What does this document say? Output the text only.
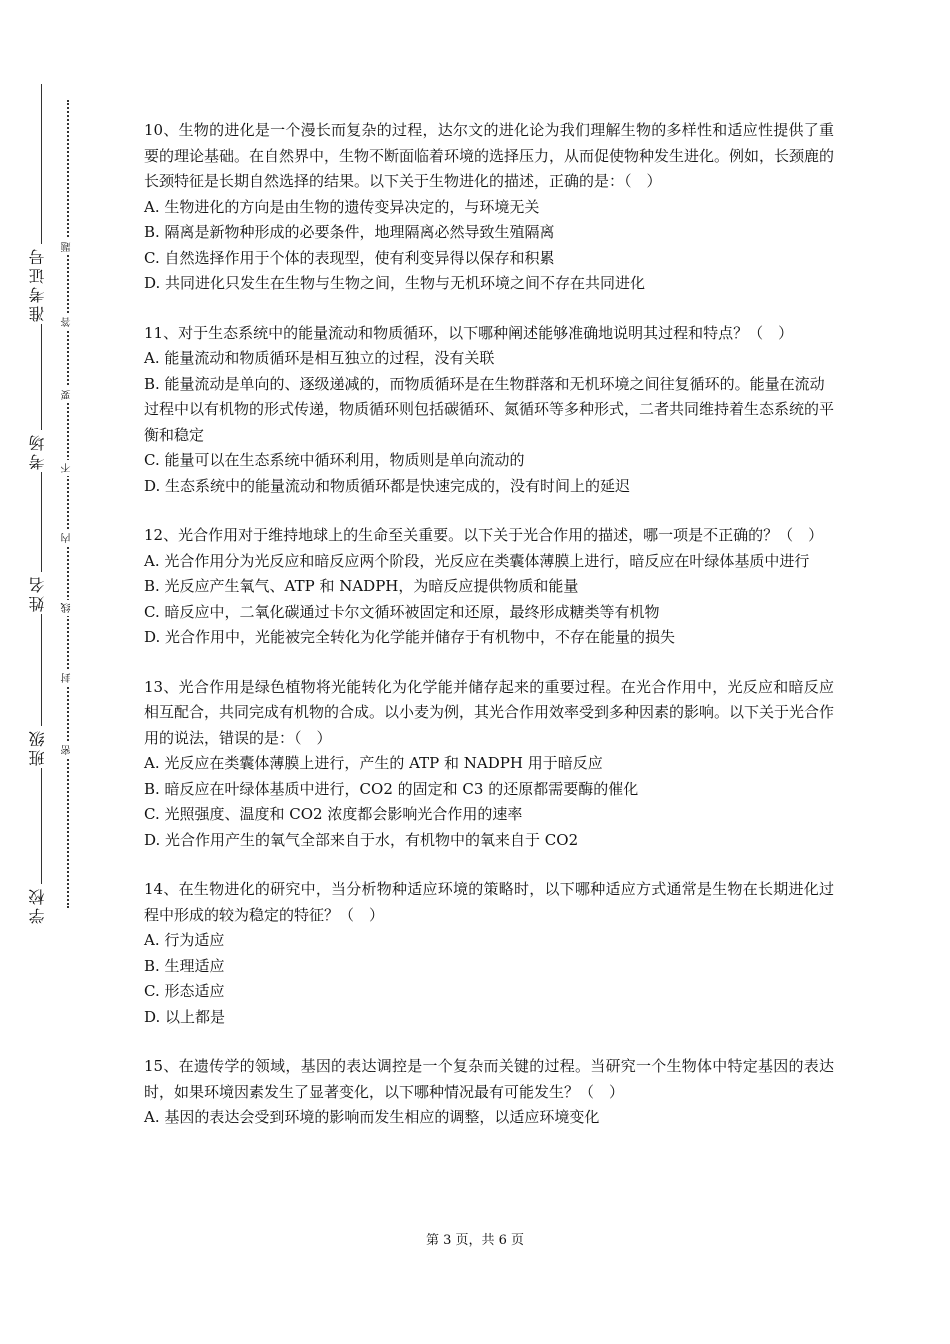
准考证号
考场
姓名
班级
学校
题
答
要
不
内
线
封
密

10、生物的进化是一个漫长而复杂的过程，达尔文的进化论为我们理解生物的多样性和适应性提供了重要的理论基础。在自然界中，生物不断面临着环境的选择压力，从而促使物种发生进化。例如，长颈鹿的长颈特征是长期自然选择的结果。以下关于生物进化的描述，正确的是：（　）

A. 生物进化的方向是由生物的遗传变异决定的，与环境无关

B. 隔离是新物种形成的必要条件，地理隔离必然导致生殖隔离

C. 自然选择作用于个体的表现型，使有利变异得以保存和积累

D. 共同进化只发生在生物与生物之间，生物与无机环境之间不存在共同进化

11、对于生态系统中的能量流动和物质循环，以下哪种阐述能够准确地说明其过程和特点？（　）

A. 能量流动和物质循环是相互独立的过程，没有关联

B. 能量流动是单向的、逐级递减的，而物质循环是在生物群落和无机环境之间往复循环的。能量在流动过程中以有机物的形式传递，物质循环则包括碳循环、氮循环等多种形式，二者共同维持着生态系统的平衡和稳定

C. 能量可以在生态系统中循环利用，物质则是单向流动的

D. 生态系统中的能量流动和物质循环都是快速完成的，没有时间上的延迟

12、光合作用对于维持地球上的生命至关重要。以下关于光合作用的描述，哪一项是不正确的？（　）

A. 光合作用分为光反应和暗反应两个阶段，光反应在类囊体薄膜上进行，暗反应在叶绿体基质中进行

B. 光反应产生氧气、ATP 和 NADPH，为暗反应提供物质和能量

C. 暗反应中，二氧化碳通过卡尔文循环被固定和还原，最终形成糖类等有机物

D. 光合作用中，光能被完全转化为化学能并储存于有机物中，不存在能量的损失

13、光合作用是绿色植物将光能转化为化学能并储存起来的重要过程。在光合作用中，光反应和暗反应相互配合，共同完成有机物的合成。以小麦为例，其光合作用效率受到多种因素的影响。以下关于光合作用的说法，错误的是：（　）

A. 光反应在类囊体薄膜上进行，产生的 ATP 和 NADPH 用于暗反应

B. 暗反应在叶绿体基质中进行，CO2 的固定和 C3 的还原都需要酶的催化

C. 光照强度、温度和 CO2 浓度都会影响光合作用的速率

D. 光合作用产生的氧气全部来自于水，有机物中的氧来自于 CO2

14、在生物进化的研究中，当分析物种适应环境的策略时，以下哪种适应方式通常是生物在长期进化过程中形成的较为稳定的特征？（　）

A. 行为适应

B. 生理适应

C. 形态适应

D. 以上都是

15、在遗传学的领域，基因的表达调控是一个复杂而关键的过程。当研究一个生物体中特定基因的表达时，如果环境因素发生了显著变化，以下哪种情况最有可能发生？（　）

A. 基因的表达会受到环境的影响而发生相应的调整，以适应环境变化

第 3 页，共 6 页
